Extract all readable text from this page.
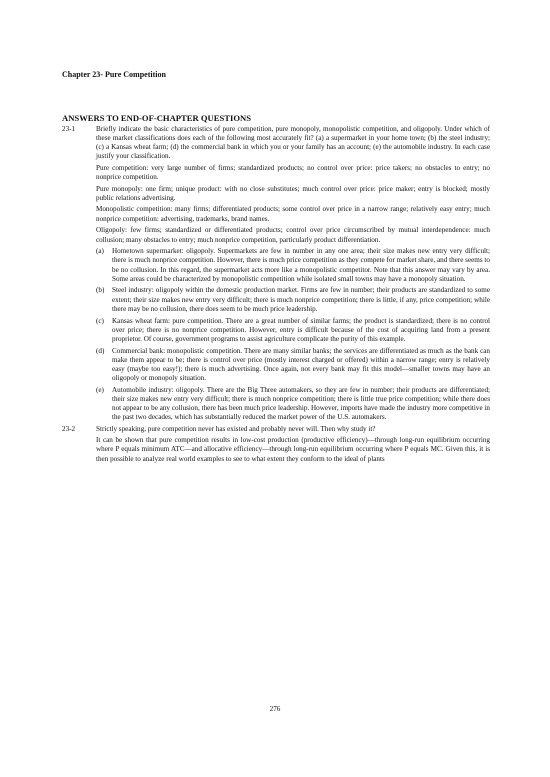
Chapter 23- Pure Competition
ANSWERS TO END-OF-CHAPTER QUESTIONS
23-1	Briefly indicate the basic characteristics of pure competition, pure monopoly, monopolistic competition, and oligopoly. Under which of these market classifications does each of the following most accurately fit? (a) a supermarket in your home town; (b) the steel industry; (c) a Kansas wheat farm; (d) the commercial bank in which you or your family has an account; (e) the automobile industry. In each case justify your classification.
Pure competition: very large number of firms; standardized products; no control over price: price takers; no obstacles to entry; no nonprice competition.
Pure monopoly: one firm; unique product: with no close substitutes; much control over price: price maker; entry is blocked; mostly public relations advertising.
Monopolistic competition: many firms; differentiated products; some control over price in a narrow range; relatively easy entry; much nonprice competition: advertising, trademarks, brand names.
Oligopoly: few firms; standardized or differentiated products; control over price circumscribed by mutual interdependence: much collusion; many obstacles to entry; much nonprice competition, particularly product differentiation.
(a)	Hometown supermarket: oligopoly. Supermarkets are few in number in any one area; their size makes new entry very difficult; there is much nonprice competition. However, there is much price competition as they compete for market share, and there seems to be no collusion. In this regard, the supermarket acts more like a monopolistic competitor. Note that this answer may vary by area. Some areas could be characterized by monopolistic competition while isolated small towns may have a monopoly situation.
(b)	Steel industry: oligopoly within the domestic production market. Firms are few in number; their products are standardized to some extent; their size makes new entry very difficult; there is much nonprice competition; there is little, if any, price competition; while there may be no collusion, there does seem to be much price leadership.
(c)	Kansas wheat farm: pure competition. There are a great number of similar farms; the product is standardized; there is no control over price; there is no nonprice competition. However, entry is difficult because of the cost of acquiring land from a present proprietor. Of course, government programs to assist agriculture complicate the purity of this example.
(d)	Commercial bank: monopolistic competition. There are many similar banks; the services are differentiated as much as the bank can make them appear to be; there is control over price (mostly interest charged or offered) within a narrow range; entry is relatively easy (maybe too easy!); there is much advertising. Once again, not every bank may fit this model—smaller towns may have an oligopoly or monopoly situation.
(e)	Automobile industry: oligopoly. There are the Big Three automakers, so they are few in number; their products are differentiated; their size makes new entry very difficult; there is much nonprice competition; there is little true price competition; while there does not appear to be any collusion, there has been much price leadership. However, imports have made the industry more competitive in the past two decades, which has substantially reduced the market power of the U.S. automakers.
23-2	Strictly speaking, pure competition never has existed and probably never will. Then why study it?
It can be shown that pure competition results in low-cost production (productive efficiency)—through long-run equilibrium occurring where P equals minimum ATC—and allocative efficiency—through long-run equilibrium occurring where P equals MC. Given this, it is then possible to analyze real world examples to see to what extent they conform to the ideal of plants
276
